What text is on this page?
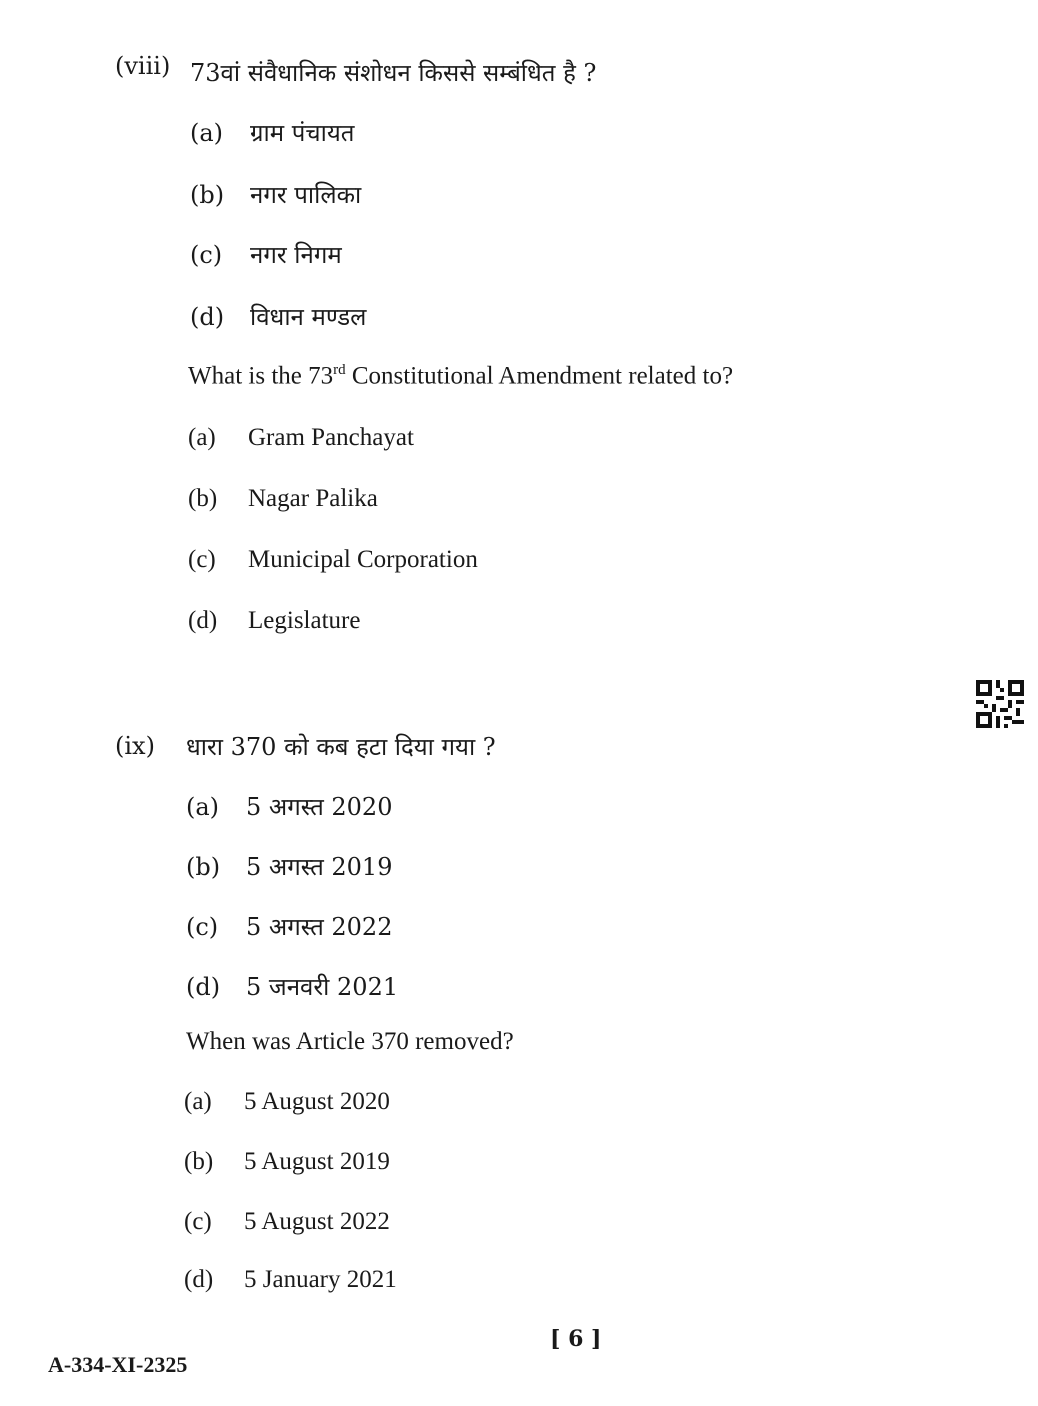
(viii) 73वां संवैधानिक संशोधन किससे सम्बंधित है ?
(a) ग्राम पंचायत
(b) नगर पालिका
(c) नगर निगम
(d) विधान मण्डल
What is the 73rd Constitutional Amendment related to?
(a) Gram Panchayat
(b) Nagar Palika
(c) Municipal Corporation
(d) Legislature
(ix) धारा 370 को कब हटा दिया गया ?
(a) 5 अगस्त 2020
(b) 5 अगस्त 2019
(c) 5 अगस्त 2022
(d) 5 जनवरी 2021
When was Article 370 removed?
(a) 5 August 2020
(b) 5 August 2019
(c) 5 August 2022
(d) 5 January 2021
[ 6 ]
A-334-XI-2325
